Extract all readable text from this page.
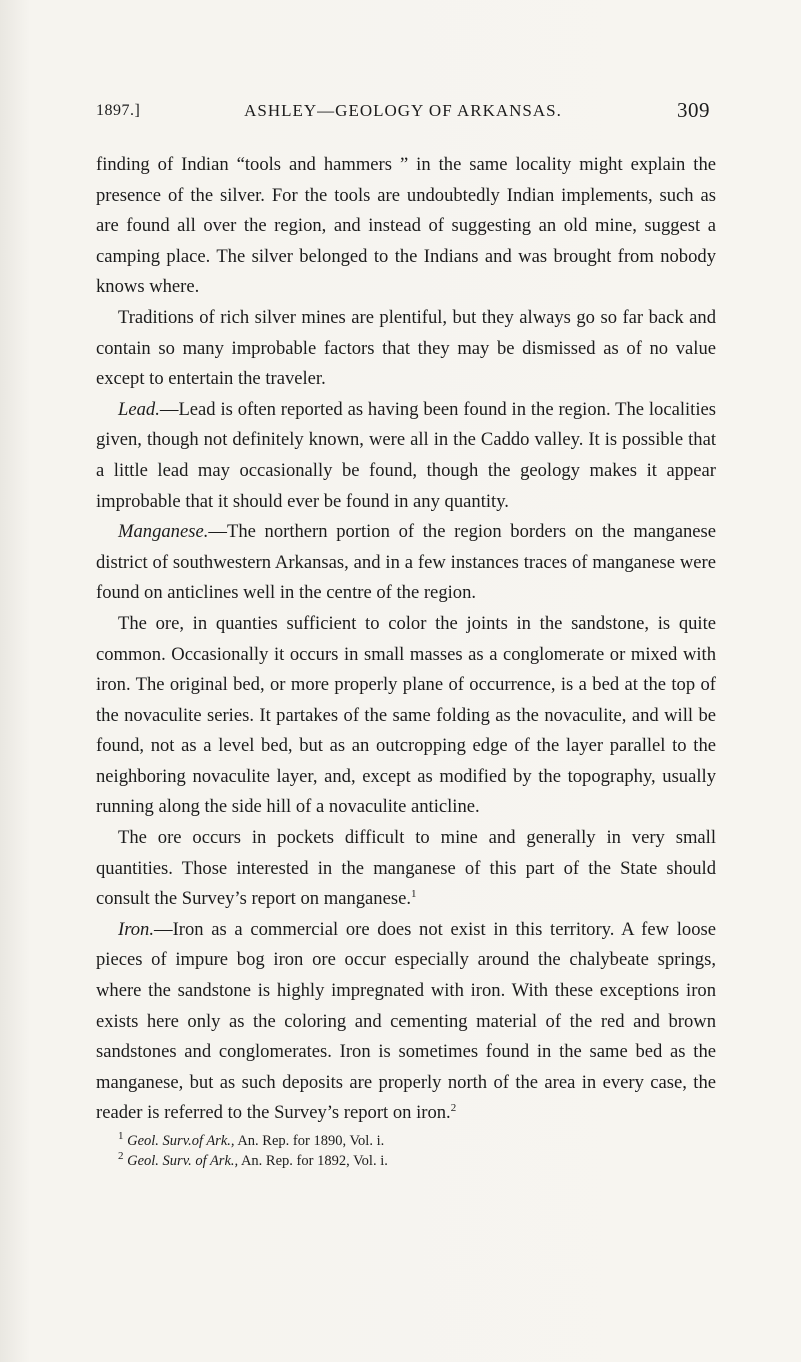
1897.]	ASHLEY—GEOLOGY OF ARKANSAS.	309

finding of Indian “tools and hammers ” in the same locality might explain the presence of the silver. For the tools are undoubtedly Indian implements, such as are found all over the region, and instead of suggesting an old mine, suggest a camping place. The silver belonged to the Indians and was brought from nobody knows where.

Traditions of rich silver mines are plentiful, but they always go so far back and contain so many improbable factors that they may be dismissed as of no value except to entertain the traveler.

Lead.—Lead is often reported as having been found in the region. The localities given, though not definitely known, were all in the Caddo valley. It is possible that a little lead may occasionally be found, though the geology makes it appear improbable that it should ever be found in any quantity.

Manganese.—The northern portion of the region borders on the manganese district of southwestern Arkansas, and in a few instances traces of manganese were found on anticlines well in the centre of the region.

The ore, in quanties sufficient to color the joints in the sandstone, is quite common. Occasionally it occurs in small masses as a conglomerate or mixed with iron. The original bed, or more properly plane of occurrence, is a bed at the top of the novaculite series. It partakes of the same folding as the novaculite, and will be found, not as a level bed, but as an outcropping edge of the layer parallel to the neighboring novaculite layer, and, except as modified by the topography, usually running along the side hill of a novaculite anticline.

The ore occurs in pockets difficult to mine and generally in very small quantities. Those interested in the manganese of this part of the State should consult the Survey’s report on manganese.$^1$

Iron.—Iron as a commercial ore does not exist in this territory. A few loose pieces of impure bog iron ore occur especially around the chalybeate springs, where the sandstone is highly impregnated with iron. With these exceptions iron exists here only as the coloring and cementing material of the red and brown sandstones and conglomerates. Iron is sometimes found in the same bed as the manganese, but as such deposits are properly north of the area in every case, the reader is referred to the Survey’s report on iron.$^2$

$^1$ Geol. Surv.of Ark., An. Rep. for 1890, Vol. i.
$^2$ Geol. Surv. of Ark., An. Rep. for 1892, Vol. i.
